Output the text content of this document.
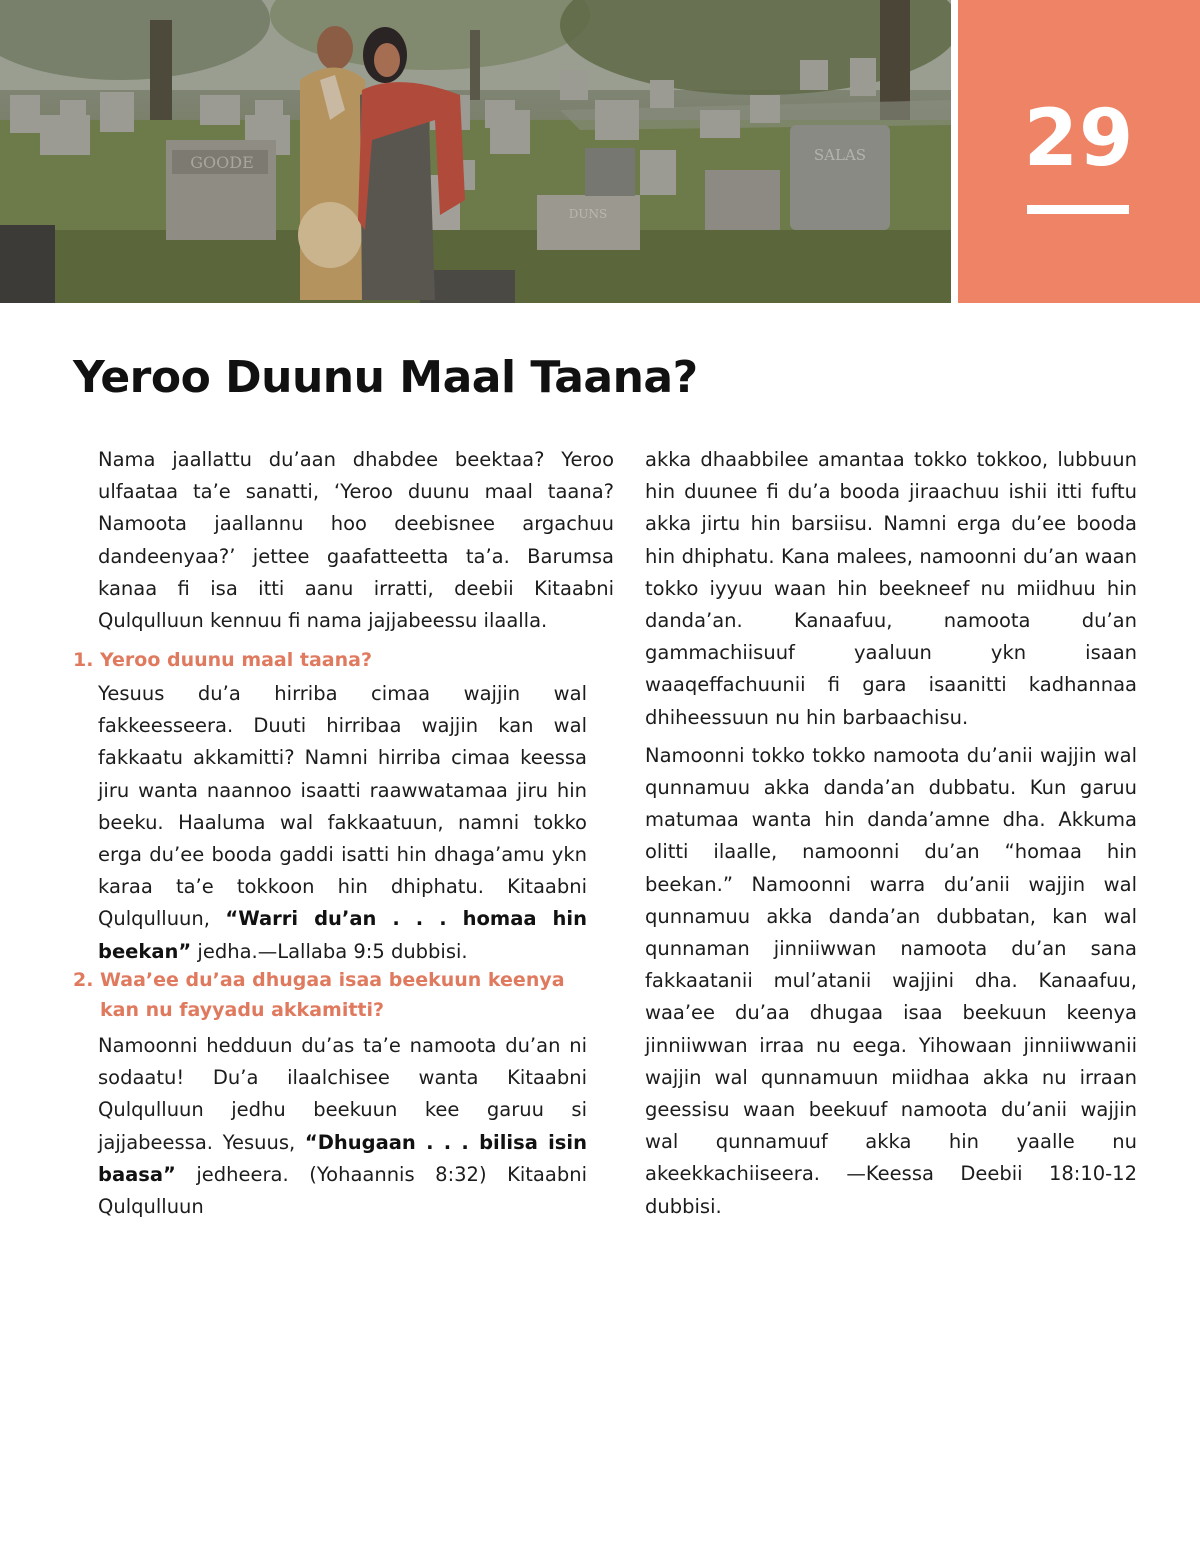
GOODE	SALAS
DUNS
29
Yeroo Duunu Maal Taana?

Nama jaallattu du’aan dhabdee beektaa? Yeroo ulfaataa ta’e sanatti, ‘Yeroo duunu maal taana? Namoota jaallannu hoo deebisnee argachuu dandeenyaa?’ jettee gaafatteetta ta’a. Barumsa kanaa fi isa itti aanu irratti, deebii Kitaabni Qulqulluun kennuu fi nama jajjabeessu ilaalla.

1. Yeroo duunu maal taana?

Yesuus du’a hirriba cimaa wajjin wal fakkeesseera. Duuti hirribaa wajjin kan wal fakkaatu akkamitti? Namni hirriba cimaa keessa jiru wanta naannoo isaatti raawwatamaa jiru hin beeku. Haaluma wal fakkaatuun, namni tokko erga du’ee booda gaddi isatti hin dhaga’amu ykn karaa ta’e tokkoon hin dhiphatu. Kitaabni Qulqulluun, “Warri du’an . . . homaa hin beekan” jedha.—Lallaba 9:5 dubbisi.

2. Waa’ee du’aa dhugaa isaa beekuun keenya
kan nu fayyadu akkamitti?

Namoonni hedduun du’as ta’e namoota du’an ni sodaatu! Du’a ilaalchisee wanta Kitaabni Qulqulluun jedhu beekuun kee garuu si jajjabeessa. Yesuus, “Dhugaan . . . bilisa isin baasa” jedheera. (Yohaannis 8:32) Kitaabni Qulqulluun

akka dhaabbilee amantaa tokko tokkoo, lubbuun hin duunee fi du’a booda jiraachuu ishii itti fuftu akka jirtu hin barsiisu. Namni erga du’ee booda hin dhiphatu. Kana malees, namoonni du’an waan tokko iyyuu waan hin beekneef nu miidhuu hin danda’an. Kanaafuu, namoota du’an gammachiisuuf yaaluun ykn isaan waaqeffachuunii fi gara isaanitti kadhannaa dhiheessuun nu hin barbaachisu.

Namoonni tokko tokko namoota du’anii wajjin wal qunnamuu akka danda’an dubbatu. Kun garuu matumaa wanta hin danda’amne dha. Akkuma olitti ilaalle, namoonni du’an “homaa hin beekan.” Namoonni warra du’anii wajjin wal qunnamuu akka danda’an dubbatan, kan wal qunnaman jinniiwwan namoota du’an sana fakkaatanii mul’atanii wajjini dha. Kanaafuu, waa’ee du’aa dhugaa isaa beekuun keenya jinniiwwan irraa nu eega. Yihowaan jinniiwwanii wajjin wal qunnamuun miidhaa akka nu irraan geessisu waan beekuuf namoota du’anii wajjin wal qunnamuuf akka hin yaalle nu akeekkachiiseera. —Keessa Deebii 18:10-12 dubbisi.
